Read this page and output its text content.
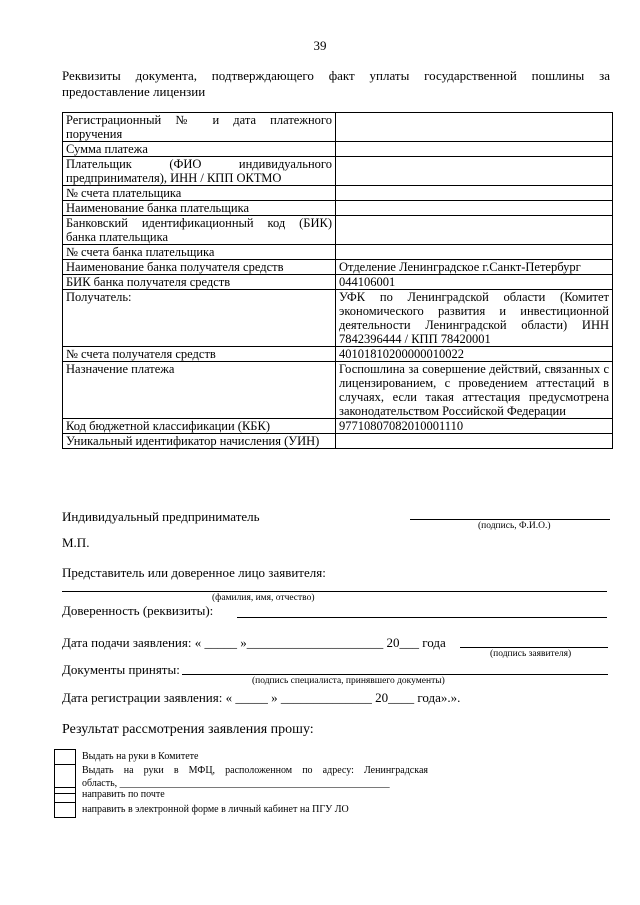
39
Реквизиты документа, подтверждающего факт уплаты государственной пошлины за
предоставление лицензии
Регистрационный № и дата платежного поручения	
Сумма платежа	
Плательщик (ФИО индивидуального предпринимателя), ИНН / КПП ОКТМО	
№ счета плательщика	
Наименование банка плательщика	
Банковский идентификационный код (БИК) банка плательщика	
№ счета банка плательщика	
Наименование банка получателя средств	Отделение Ленинградское г.Санкт-Петербург
БИК банка получателя средств	044106001
Получатель:	УФК по Ленинградской области (Комитет экономического развития и инвестиционной деятельности Ленинградской области) ИНН 7842396444 / КПП 78420001
№ счета получателя средств	40101810200000010022
Назначение платежа	Госпошлина за совершение действий, связанных с лицензированием, с проведением аттестаций в случаях, если такая аттестация предусмотрена законодательством Российской Федерации
Код бюджетной классификации (КБК)	97710807082010001110
Уникальный идентификатор начисления (УИН)	
Индивидуальный предприниматель
(подпись, Ф.И.О.)
М.П.
Представитель или доверенное лицо заявителя:
(фамилия, имя, отчество)
Доверенность (реквизиты):
Дата подачи заявления: « _____ »_____________________ 20___ года
(подпись заявителя)
Документы приняты:
(подпись специалиста, принявшего документы)
Дата регистрации заявления: « _____ » ______________ 20____ года».».
Результат рассмотрения заявления прошу:
Выдать на руки в Комитете
Выдать на руки в МФЦ, расположенном по адресу: Ленинградская
область, ______________________________________________________
направить по почте
направить в электронной форме в личный кабинет на ПГУ ЛО
